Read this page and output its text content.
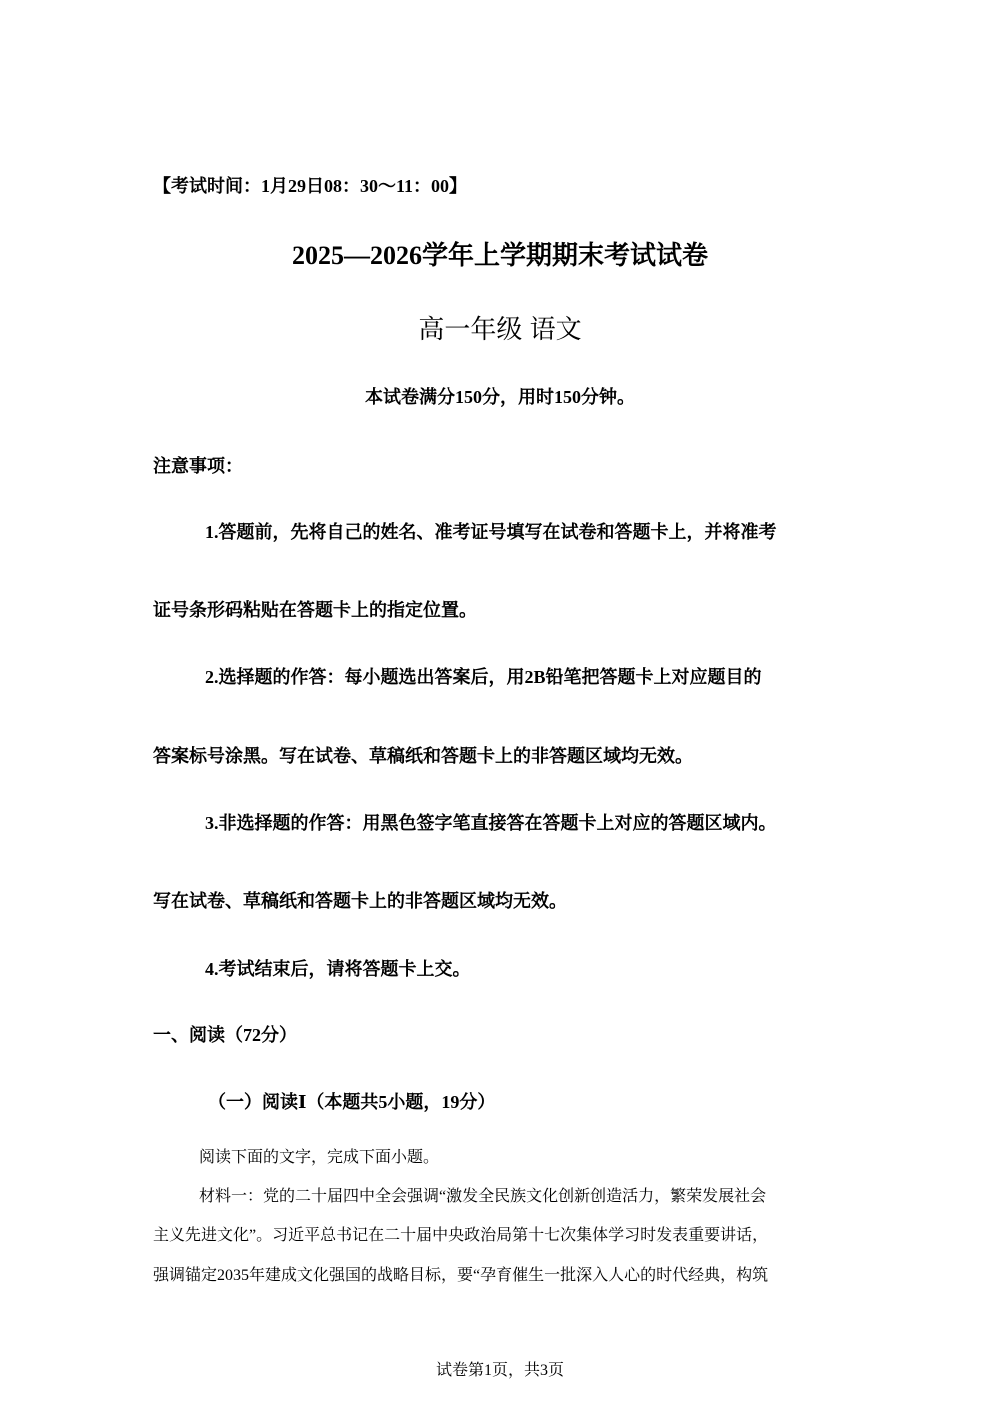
【考试时间：1月29日08：30～11：00】

2025—2026学年上学期期末考试试卷

高一年级 语文

本试卷满分150分，用时150分钟。

注意事项：

1.答题前，先将自己的姓名、准考证号填写在试卷和答题卡上，并将准考

证号条形码粘贴在答题卡上的指定位置。

2.选择题的作答：每小题选出答案后，用2B铅笔把答题卡上对应题目的

答案标号涂黑。写在试卷、草稿纸和答题卡上的非答题区域均无效。

3.非选择题的作答：用黑色签字笔直接答在答题卡上对应的答题区域内。

写在试卷、草稿纸和答题卡上的非答题区域均无效。

4.考试结束后，请将答题卡上交。

一、阅读（72分）

（一）阅读Ⅰ（本题共5小题，19分）

阅读下面的文字，完成下面小题。

材料一：党的二十届四中全会强调“激发全民族文化创新创造活力，繁荣发展社会

主义先进文化”。习近平总书记在二十届中央政治局第十七次集体学习时发表重要讲话，

强调锚定2035年建成文化强国的战略目标，要“孕育催生一批深入人心的时代经典，构筑

试卷第1页，共3页
